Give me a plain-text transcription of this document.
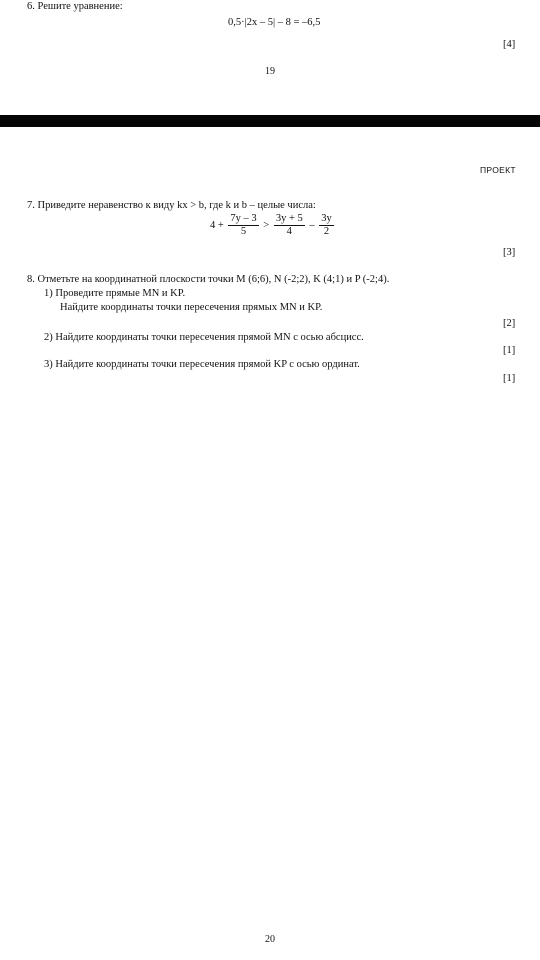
6. Решите уравнение:
0,5·|2x – 5| – 8 = –6,5
[4]
19
ПРОЕКТ
7. Приведите неравенство к виду kx > b, где k и b – целые числа:
$4 + \frac{7y - 3}{5} > \frac{3y + 5}{4} - \frac{3y}{2}$
[3]
8. Отметьте на координатной плоскости точки M (6;6), N (-2;2), K (4;1) и P (-2;4).
1) Проведите прямые MN и KP.
Найдите координаты точки пересечения прямых MN и KP.
[2]
2) Найдите координаты точки пересечения прямой MN с осью абсцисс.
[1]
3) Найдите координаты точки пересечения прямой KP с осью ординат.
[1]
20
